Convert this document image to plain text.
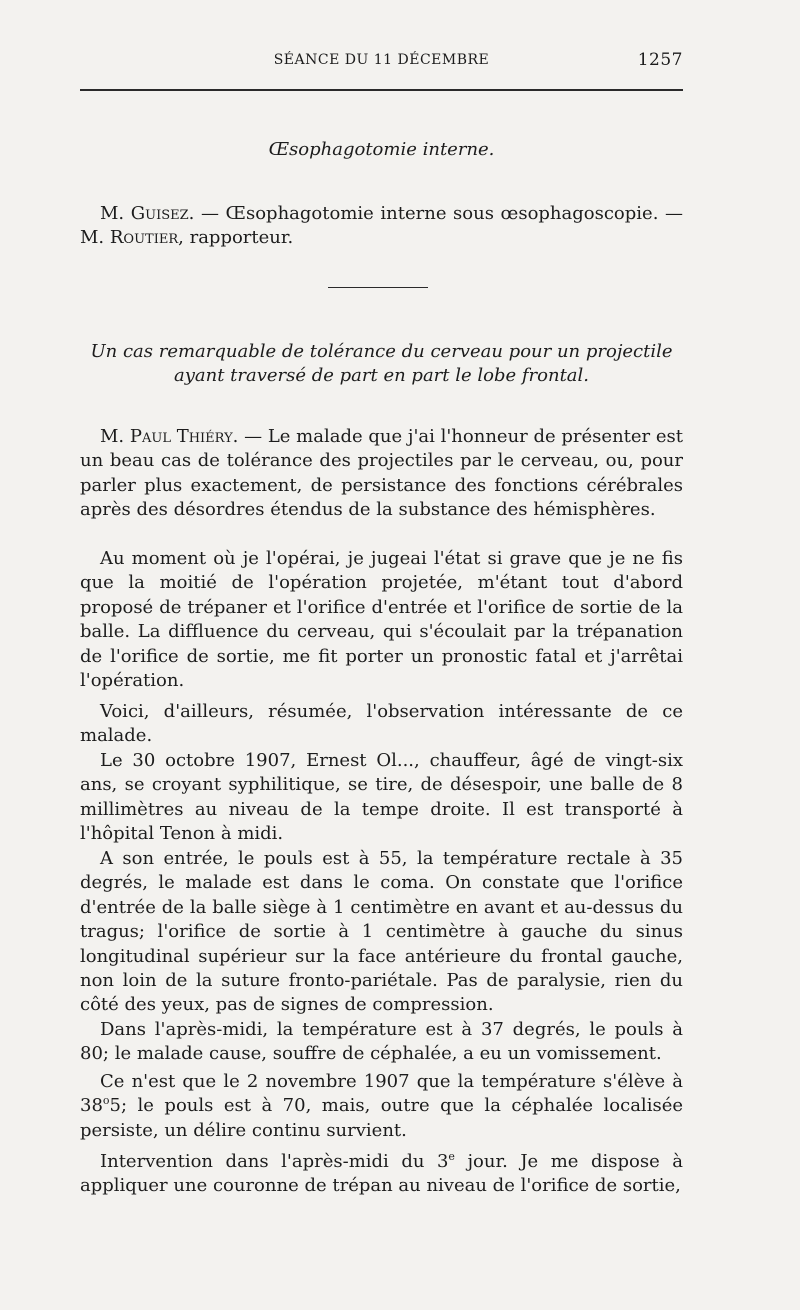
SÉANCE DU 11 DÉCEMBRE	1257
Œsophagotomie interne.
M. Guisez. — Œsophagotomie interne sous œsophagoscopie. — M. Routier, rapporteur.
Un cas remarquable de tolérance du cerveau pour un projectile
ayant traversé de part en part le lobe frontal.
M. Paul Thiéry. — Le malade que j'ai l'honneur de présenter est un beau cas de tolérance des projectiles par le cerveau, ou, pour parler plus exactement, de persistance des fonctions cérébrales après des désordres étendus de la substance des hémisphères.
Au moment où je l'opérai, je jugeai l'état si grave que je ne fis que la moitié de l'opération projetée, m'étant tout d'abord proposé de trépaner et l'orifice d'entrée et l'orifice de sortie de la balle. La diffluence du cerveau, qui s'écoulait par la trépanation de l'orifice de sortie, me fit porter un pronostic fatal et j'arrêtai l'opération.
Voici, d'ailleurs, résumée, l'observation intéressante de ce malade.
Le 30 octobre 1907, Ernest Ol..., chauffeur, âgé de vingt-six ans, se croyant syphilitique, se tire, de désespoir, une balle de 8 millimètres au niveau de la tempe droite. Il est transporté à l'hôpital Tenon à midi.
A son entrée, le pouls est à 55, la température rectale à 35 degrés, le malade est dans le coma. On constate que l'orifice d'entrée de la balle siège à 1 centimètre en avant et au-dessus du tragus; l'orifice de sortie à 1 centimètre à gauche du sinus longitudinal supérieur sur la face antérieure du frontal gauche, non loin de la suture fronto-pariétale. Pas de paralysie, rien du côté des yeux, pas de signes de compression.
Dans l'après-midi, la température est à 37 degrés, le pouls à 80; le malade cause, souffre de céphalée, a eu un vomissement.
Ce n'est que le 2 novembre 1907 que la température s'élève à 38$^o$5; le pouls est à 70, mais, outre que la céphalée localisée persiste, un délire continu survient.
Intervention dans l'après-midi du 3e jour. Je me dispose à appliquer une couronne de trépan au niveau de l'orifice de sortie,
